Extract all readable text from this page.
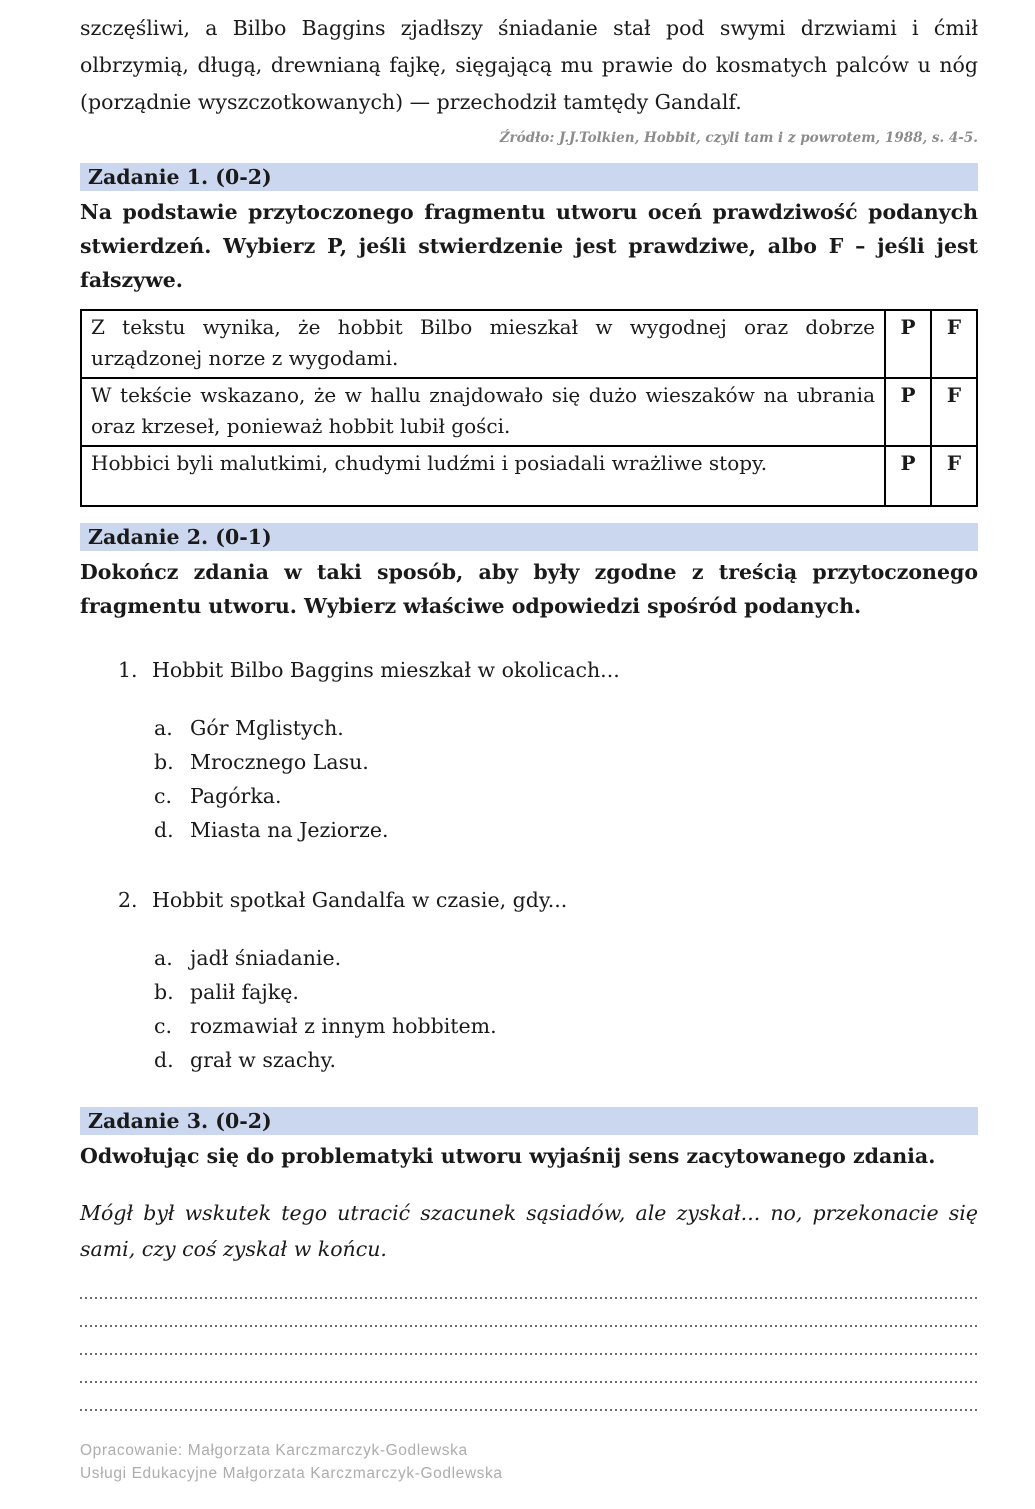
szczęśliwi, a Bilbo Baggins zjadłszy śniadanie stał pod swymi drzwiami i ćmił olbrzymią, długą, drewnianą fajkę, sięgającą mu prawie do kosmatych palców u nóg (porządnie wyszczotkowanych) — przechodził tamtędy Gandalf.

Źródło: J.J.Tolkien, Hobbit, czyli tam i z powrotem, 1988, s. 4-5.

Zadanie 1. (0-2)

Na podstawie przytoczonego fragmentu utworu oceń prawdziwość podanych stwierdzeń. Wybierz P, jeśli stwierdzenie jest prawdziwe, albo F – jeśli jest fałszywe.

Z tekstu wynika, że hobbit Bilbo mieszkał w wygodnej oraz dobrze urządzonej norze z wygodami.	P	F
W tekście wskazano, że w hallu znajdowało się dużo wieszaków na ubrania oraz krzeseł, ponieważ hobbit lubił gości.	P	F
Hobbici byli malutkimi, chudymi ludźmi i posiadali wrażliwe stopy.	P	F
Zadanie 2. (0-1)

Dokończ zdania w taki sposób, aby były zgodne z treścią przytoczonego fragmentu utworu. Wybierz właściwe odpowiedzi spośród podanych.

1. Hobbit Bilbo Baggins mieszkał w okolicach...
a. Gór Mglistych.
b. Mrocznego Lasu.
c. Pagórka.
d. Miasta na Jeziorze.
2. Hobbit spotkał Gandalfa w czasie, gdy...
a. jadł śniadanie.
b. palił fajkę.
c. rozmawiał z innym hobbitem.
d. grał w szachy.
Zadanie 3. (0-2)

Odwołując się do problematyki utworu wyjaśnij sens zacytowanego zdania.

Mógł był wskutek tego utracić szacunek sąsiadów, ale zyskał... no, przekonacie się sami, czy coś zyskał w końcu.

Opracowanie: Małgorzata Karczmarczyk-Godlewska
Usługi Edukacyjne Małgorzata Karczmarczyk-Godlewska
